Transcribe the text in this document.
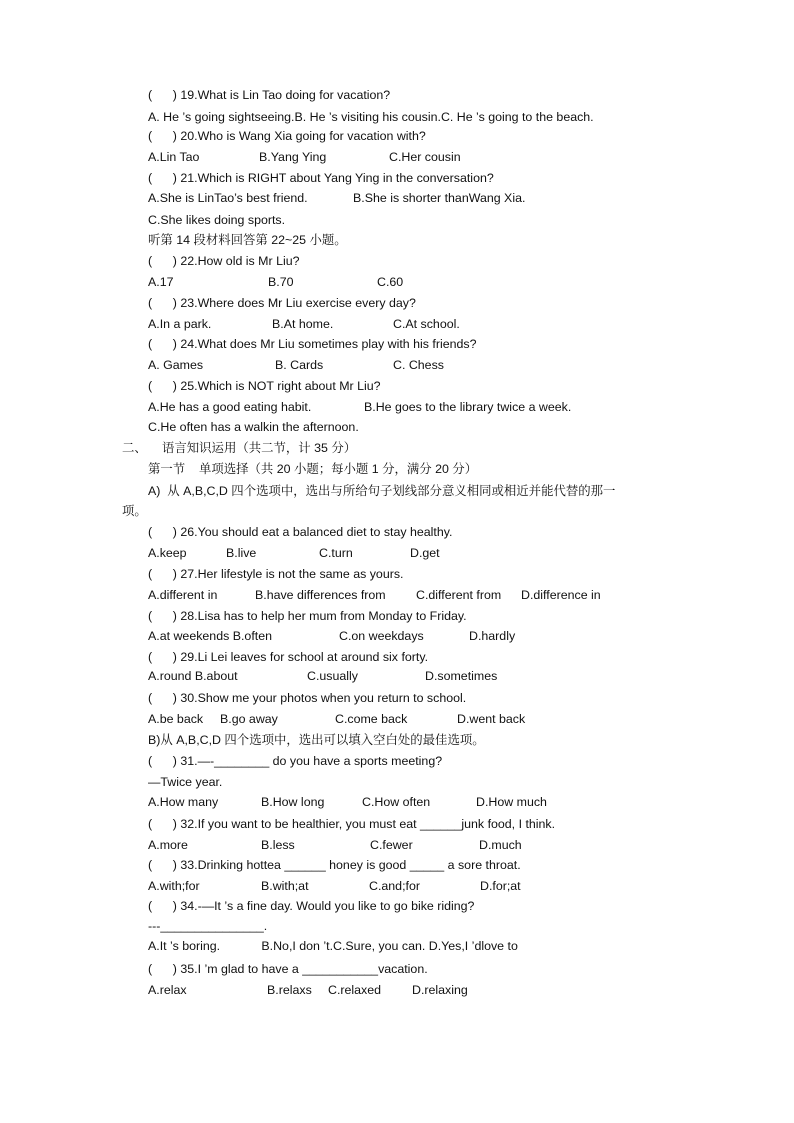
(      ) 19.What is Lin Tao doing for vacation?
A. He ’s going sightseeing.B. He ’s visiting his cousin.C. He ’s going to the beach.
(      ) 20.Who is Wang Xia going for vacation with?
A.Lin Tao	B.Yang Ying	C.Her cousin
(      ) 21.Which is RIGHT about Yang Ying in the conversation?
A.She is LinTao’s best friend.	B.She is shorter thanWang Xia.
C.She likes doing sports.
听第 14 段材料回答第 22~25 小题。
(      ) 22.How old is Mr Liu?
A.17	B.70	C.60
(      ) 23.Where does Mr Liu exercise every day?
A.In a park.	B.At home.	C.At school.
(      ) 24.What does Mr Liu sometimes play with his friends?
A. Games	B. Cards	C. Chess
(      ) 25.Which is NOT right about Mr Liu?
A.He has a good eating habit.	B.He goes to the library twice a week.
C.He often has a walkin the afternoon.
二、 语言知识运用（共二节，计 35 分）
第一节    单项选择（共 20 小题；每小题 1 分，满分 20 分）
A)  从 A,B,C,D 四个选项中，选出与所给句子划线部分意义相同或相近并能代替的那一
项。
(      ) 26.You should eat a balanced diet to stay healthy.
A.keep	B.live	C.turn	D.get
(      ) 27.Her lifestyle is not the same as yours.
A.different in	B.have differences from C.different from D.difference in
(      ) 28.Lisa has to help her mum from Monday to Friday.
A.at weekends B.often	C.on weekdays	D.hardly
(      ) 29.Li Lei leaves for school at around six forty.
A.round B.about	C.usually	D.sometimes
(      ) 30.Show me your photos when you return to school.
A.be back B.go away	C.come back	D.went back
B)从 A,B,C,D 四个选项中，选出可以填入空白处的最佳选项。
(      ) 31.—-________ do you have a sports meeting?
—Twice year.
A.How many	B.How long	C.How often	D.How much
(      ) 32.If you want to be healthier, you must eat ______junk food, I think.
A.more	B.less	C.fewer	D.much
(      ) 33.Drinking hottea ______ honey is good _____ a sore throat.
A.with;for	B.with;at	C.and;for	D.for;at
(      ) 34.-—It ’s a fine day. Would you like to go bike riding?
---_______________.
A.It ’s boring.            B.No,I don ’t.C.Sure, you can. D.Yes,I ’dlove to
(      ) 35.I ’m glad to have a ___________vacation.
A.relax	B.relaxs C.relaxed D.relaxing
